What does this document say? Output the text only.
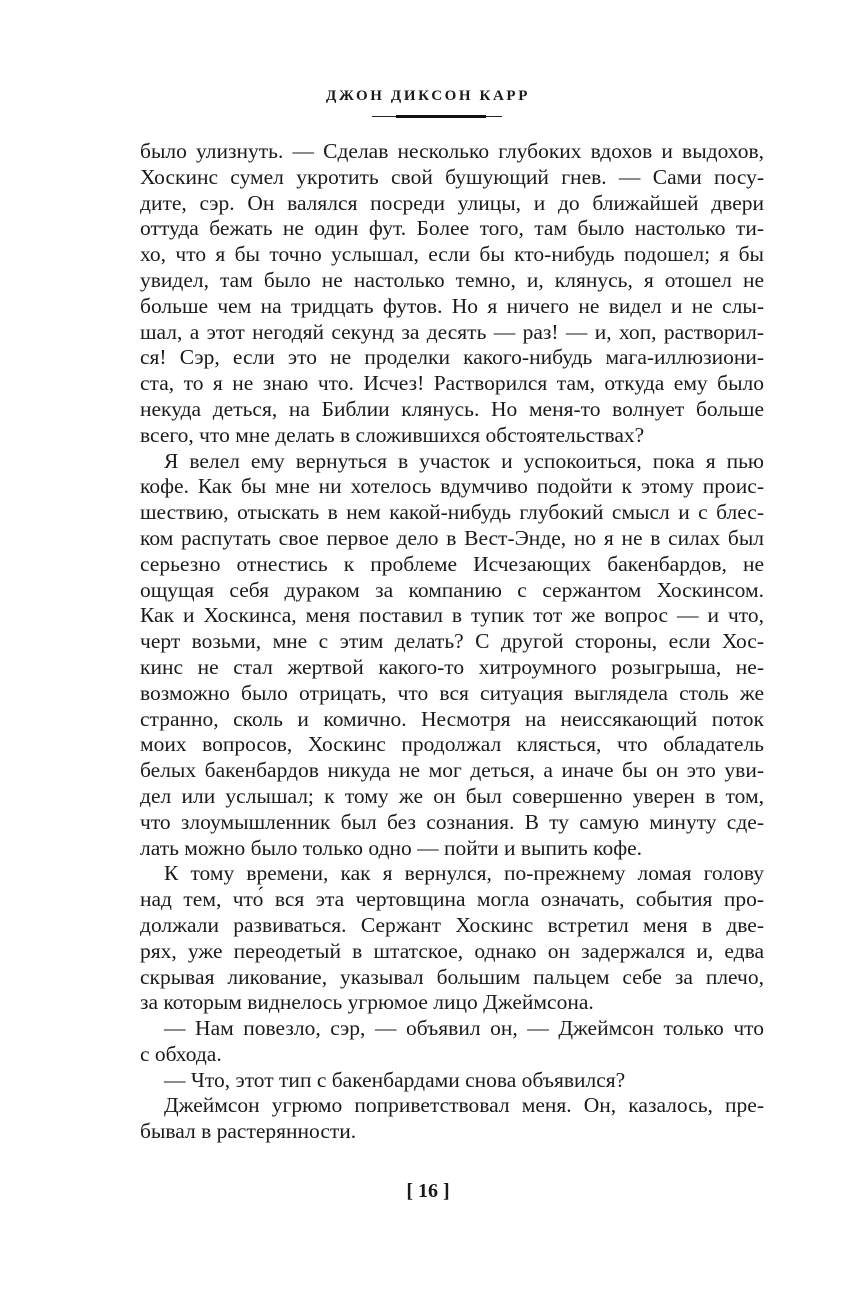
ДЖОН ДИКСОН КАРР
было улизнуть. — Сделав несколько глубоких вдохов и выдохов,
Хоскинс сумел укротить свой бушующий гнев. — Сами посу-
дите, сэр. Он валялся посреди улицы, и до ближайшей двери
оттуда бежать не один фут. Более того, там было настолько ти-
хо, что я бы точно услышал, если бы кто-нибудь подошел; я бы
увидел, там было не настолько темно, и, клянусь, я отошел не
больше чем на тридцать футов. Но я ничего не видел и не слы-
шал, а этот негодяй секунд за десять — раз! — и, хоп, растворил-
ся! Сэр, если это не проделки какого-нибудь мага-иллюзиони-
ста, то я не знаю что. Исчез! Растворился там, откуда ему было
некуда деться, на Библии клянусь. Но меня-то волнует больше
всего, что мне делать в сложившихся обстоятельствах?
Я велел ему вернуться в участок и успокоиться, пока я пью
кофе. Как бы мне ни хотелось вдумчиво подойти к этому проис-
шествию, отыскать в нем какой-нибудь глубокий смысл и с блес-
ком распутать свое первое дело в Вест-Энде, но я не в силах был
серьезно отнестись к проблеме Исчезающих бакенбардов, не
ощущая себя дураком за компанию с сержантом Хоскинсом.
Как и Хоскинса, меня поставил в тупик тот же вопрос — и что,
черт возьми, мне с этим делать? С другой стороны, если Хос-
кинс не стал жертвой какого-то хитроумного розыгрыша, не-
возможно было отрицать, что вся ситуация выглядела столь же
странно, сколь и комично. Несмотря на неиссякающий поток
моих вопросов, Хоскинс продолжал клясться, что обладатель
белых бакенбардов никуда не мог деться, а иначе бы он это уви-
дел или услышал; к тому же он был совершенно уверен в том,
что злоумышленник был без сознания. В ту самую минуту сде-
лать можно было только одно — пойти и выпить кофе.
К тому времени, как я вернулся, по-прежнему ломая голову
над тем, что́ вся эта чертовщина могла означать, события про-
должали развиваться. Сержант Хоскинс встретил меня в две-
рях, уже переодетый в штатское, однако он задержался и, едва
скрывая ликование, указывал большим пальцем себе за плечо,
за которым виднелось угрюмое лицо Джеймсона.
— Нам повезло, сэр, — объявил он, — Джеймсон только что
с обхода.
— Что, этот тип с бакенбардами снова объявился?
Джеймсон угрюмо поприветствовал меня. Он, казалось, пре-
бывал в растерянности.
[ 16 ]
